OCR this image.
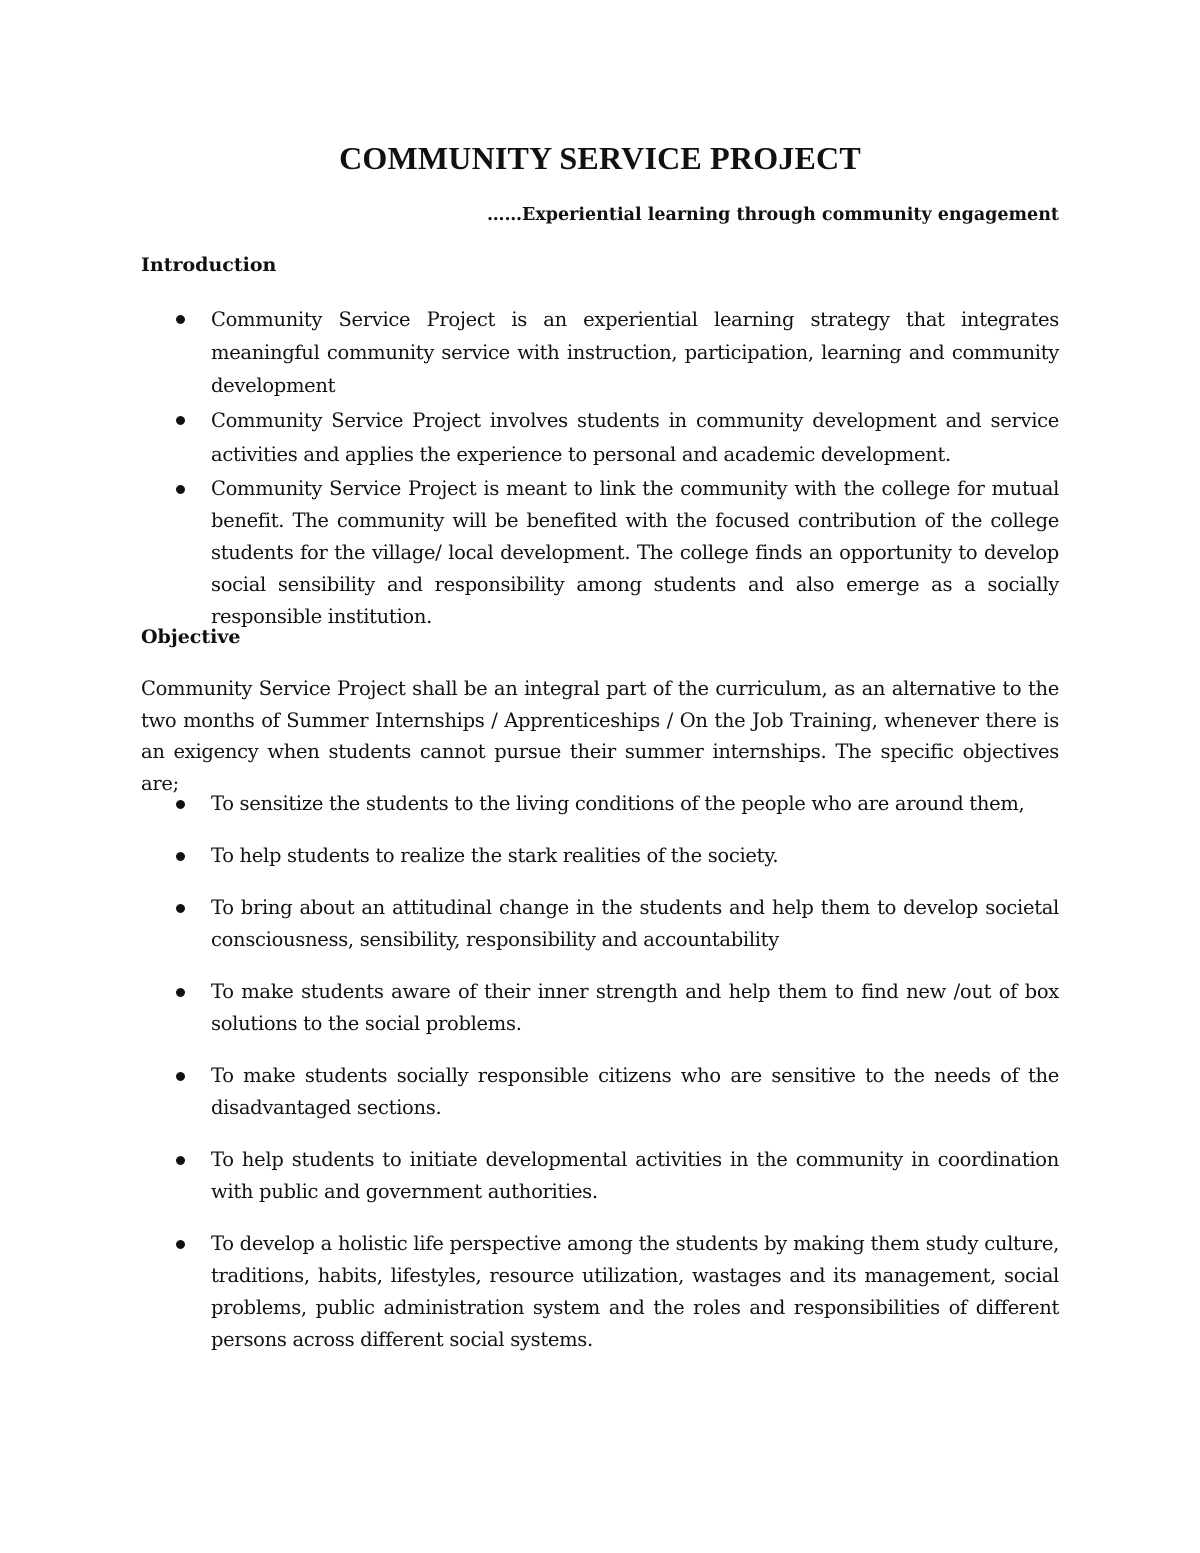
COMMUNITY SERVICE PROJECT

……Experiential learning through community engagement

Introduction
Community Service Project is an experiential learning strategy that integrates meaningful community service with instruction, participation, learning and community development
Community Service Project involves students in community development and service activities and applies the experience to personal and academic development.
Community Service Project is meant to link the community with the college for mutual benefit. The community will be benefited with the focused contribution of the college students for the village/ local development. The college finds an opportunity to develop social sensibility and responsibility among students and also emerge as a socially responsible institution.
Objective

Community Service Project shall be an integral part of the curriculum, as an alternative to the two months of Summer Internships / Apprenticeships / On the Job Training, whenever there is an exigency when students cannot pursue their summer internships. The specific objectives are;

To sensitize the students to the living conditions of the people who are around them,
To help students to realize the stark realities of the society.
To bring about an attitudinal change in the students and help them to develop societal consciousness, sensibility, responsibility and accountability
To make students aware of their inner strength and help them to find new /out of box solutions to the social problems.
To make students socially responsible citizens who are sensitive to the needs of the disadvantaged sections.
To help students to initiate developmental activities in the community in coordination with public and government authorities.
To develop a holistic life perspective among the students by making them study culture, traditions, habits, lifestyles, resource utilization, wastages and its management, social problems, public administration system and the roles and responsibilities of different persons across different social systems.
